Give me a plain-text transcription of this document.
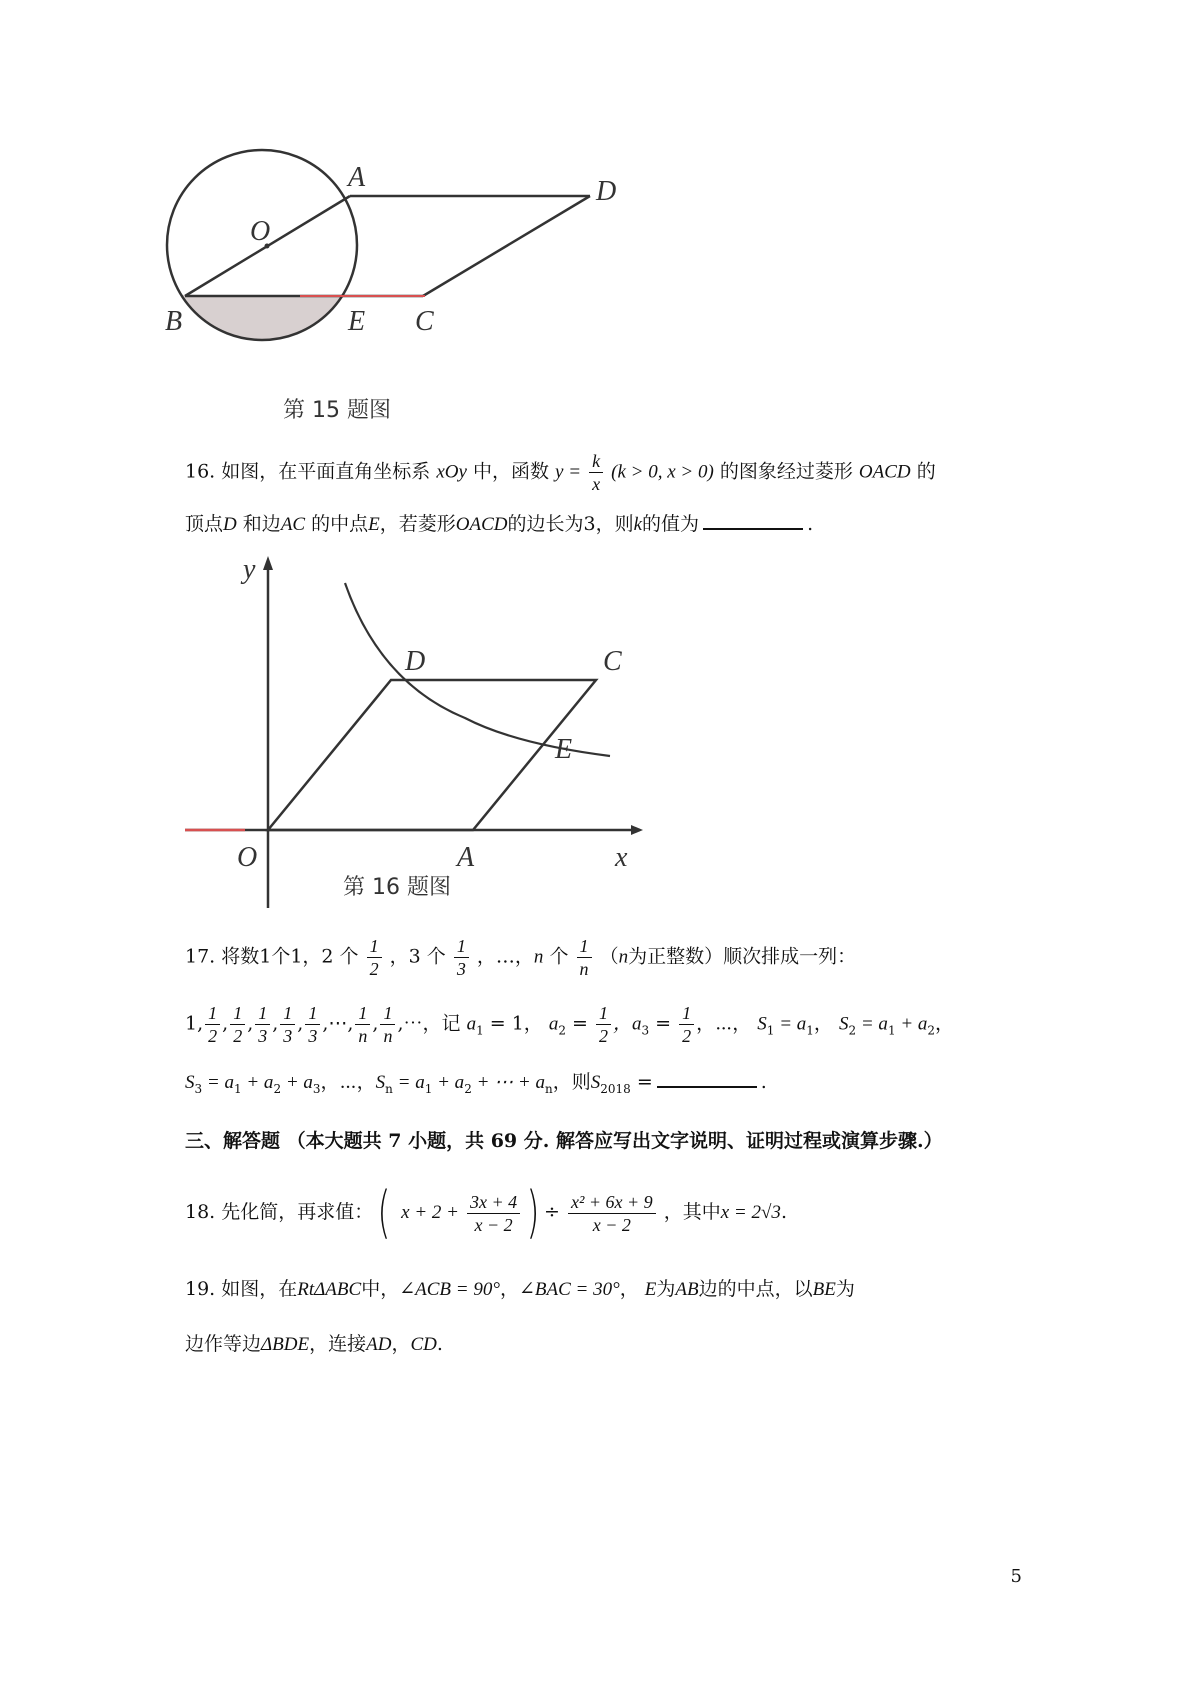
A	D
O
B	E C
第 15 题图
16. 如图，在平面直角坐标系 xOy 中，函数 $y = \frac{k}{x} (k > 0$, x > 0) 的图象经过菱形 OACD 的
顶点D 和边AC 的中点E，若菱形OACD的边长为3，则k的值为	.
y
D	C
E
O	A	x
第 16 题图
17. 将数1个1，2 个 $\frac{1}{2}$ ，3 个 $\frac{1}{3}$ ，…，n 个 $\frac{1}{n} (n$为正整数）顺次排成一列：
1, $\frac{1}{2}$ , $\frac{1}{2}$ , $\frac{1}{3}$ , $\frac{1}{3}$ , $\frac{1}{3}$ ,⋯, $\frac{1}{n}$ , $\frac{1}{n}$ ,⋯，记 $a_1 = 1$， $a_2 = \frac{1}{2}$ ，$a_3 = \frac{1}{2}$ ，⋯， $S_1 = a_1$， $S_2 = a_1 + a_2$，
$S_3 = a_1 + a_2 + a_3$，⋯，$S_n = a_1 + a_2$ + ⋯ + $a_n$，则$S_{2018}$ =	.
三、解答题 （本大题共 7 小题，共 69 分. 解答应写出文字说明、证明过程或演算步骤.）
18. 先化简，再求值：( $x + 2 + \frac{3x + 4}{x - 2}$ ) ÷ $\frac{\text{x² + 6x + 9}}{x - 2}$ ，其中x = 2√3.
19. 如图，在RtΔABC中，∠ACB = 90°，∠BAC = 30°， E为AB边的中点，以BE为
边作等边ΔBDE，连接AD，CD.
5
